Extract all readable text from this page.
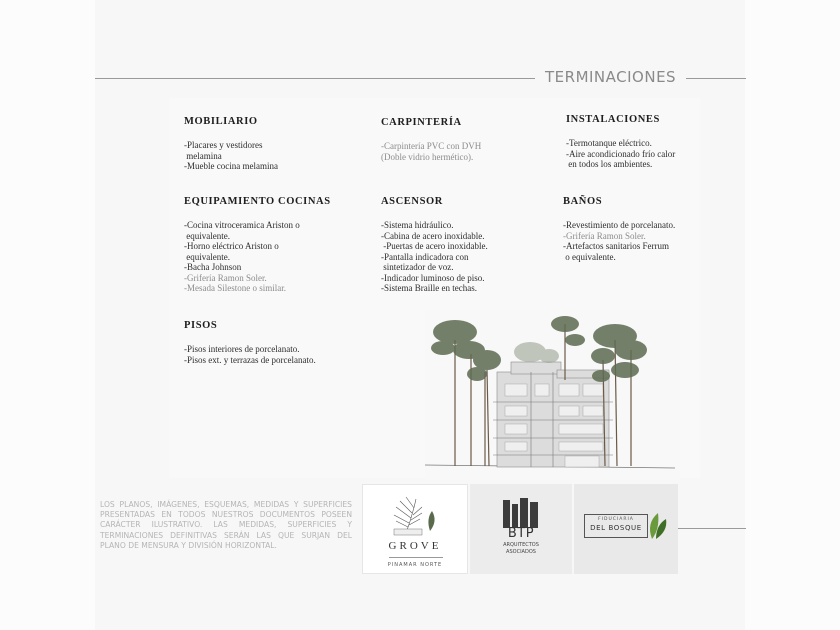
TERMINACIONES
MOBILIARIO
-Placares y vestidores
melamina
-Mueble cocina melamina
CARPINTERÍA
-Carpintería PVC con DVH
(Doble vidrio hermético).
INSTALACIONES
-Termotanque eléctrico.
-Aire acondicionado frío calor
en todos los ambientes.
EQUIPAMIENTO COCINAS
-Cocina vitroceramica Ariston o
equivalente.
-Horno eléctrico Ariston o
equivalente.
-Bacha Johnson
-Grifería Ramon Soler.
-Mesada Silestone o similar.
ASCENSOR
-Sistema hidráulico.
-Cabina de acero inoxidable.
-Puertas de acero inoxidable.
-Pantalla indicadora con
sintetizador de voz.
-Indicador luminoso de piso.
-Sistema Braille en techas.
BAÑOS
-Revestimiento de porcelanato.
-Grifería Ramon Soler.
-Artefactos sanitarios Ferrum
o equivalente.
PISOS
-Pisos interiores de porcelanato.
-Pisos ext. y terrazas de porcelanato.
LOS PLANOS, IMÁGENES, ESQUEMAS, MEDIDAS Y SUPERFICIES PRESENTADAS EN TODOS NUESTROS DOCUMENTOS POSEEN CARÁCTER ILUSTRATIVO. LAS MEDIDAS, SUPERFICIES Y TERMINACIONES DEFINITIVAS SERÁN LAS QUE SURJAN DEL PLANO DE MENSURA Y DIVISIÓN HORIZONTAL.	GROVE
PINAMAR NORTE
BTP
ARQUITECTOS
ASOCIADOS
FIDUCIARIA
DEL BOSQUE
